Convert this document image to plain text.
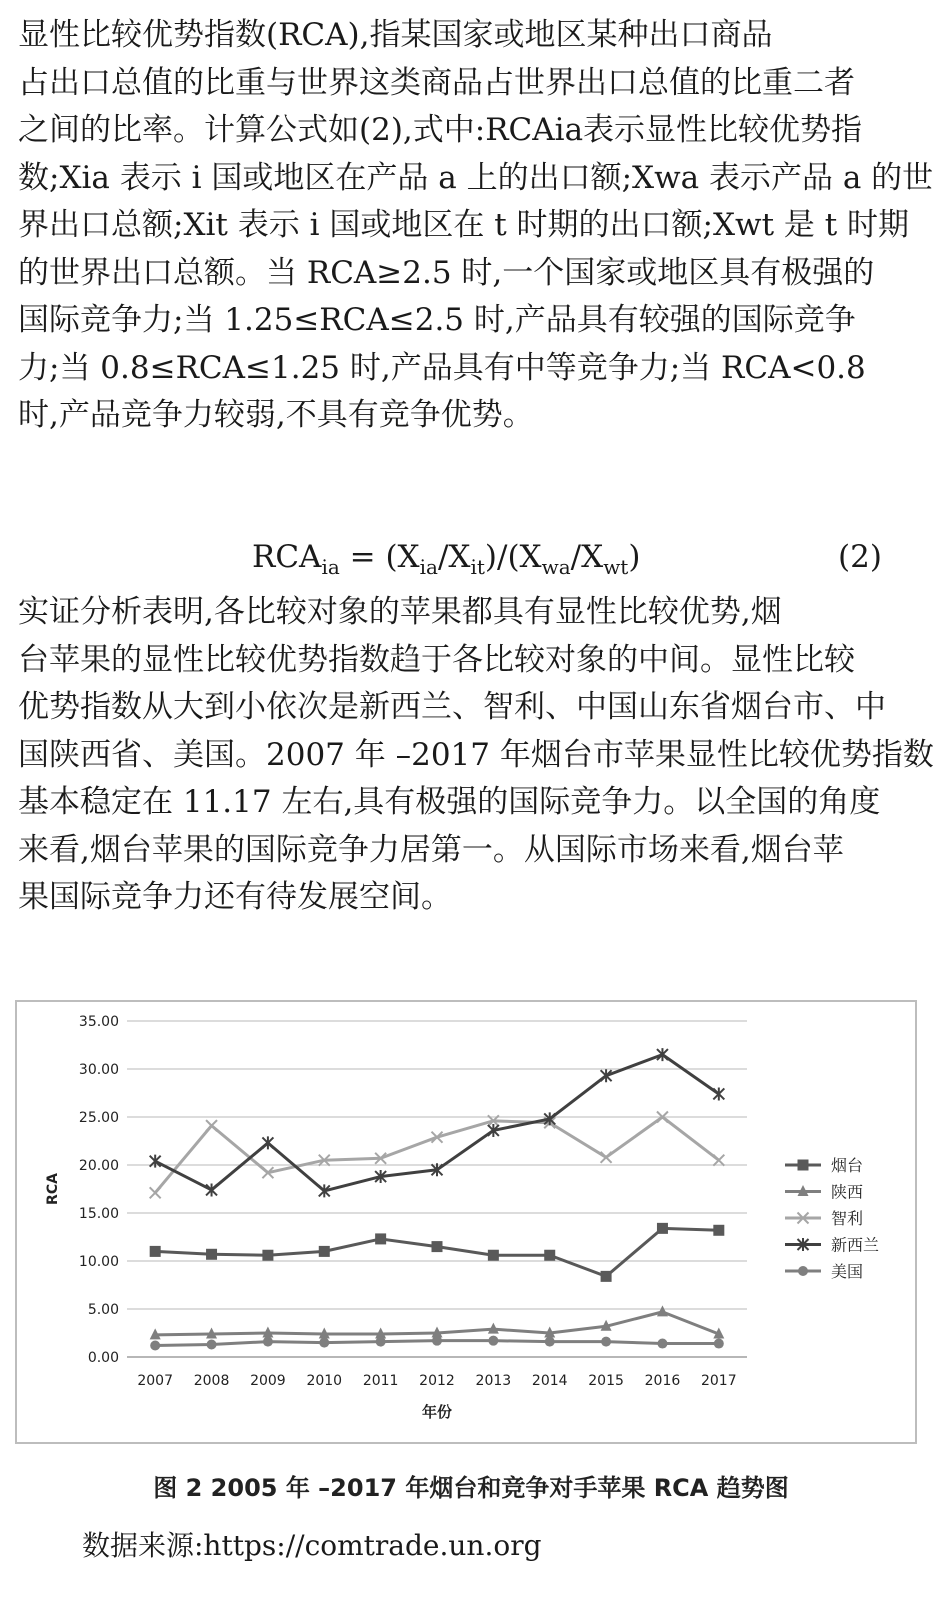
显性比较优势指数(RCA),指某国家或地区某种出口商品
占出口总值的比重与世界这类商品占世界出口总值的比重二者
之间的比率。计算公式如(2),式中:RCAia表示显性比较优势指
数;Xia 表示 i 国或地区在产品 a 上的出口额;Xwa 表示产品 a 的世
界出口总额;Xit 表示 i 国或地区在 t 时期的出口额;Xwt 是 t 时期
的世界出口总额。当 RCA≥2.5 时,一个国家或地区具有极强的
国际竞争力;当 1.25≤RCA≤2.5 时,产品具有较强的国际竞争
力;当 0.8≤RCA≤1.25 时,产品具有中等竞争力;当 RCA<0.8
时,产品竞争力较弱,不具有竞争优势。
$RCA_{ia} = (X_{ia}/X_{it})/(X_{wa}/X_{wt})$	(2)
实证分析表明,各比较对象的苹果都具有显性比较优势,烟
台苹果的显性比较优势指数趋于各比较对象的中间。显性比较
优势指数从大到小依次是新西兰、智利、中国山东省烟台市、中
国陕西省、美国。2007 年 –2017 年烟台市苹果显性比较优势指数
基本稳定在 11.17 左右,具有极强的国际竞争力。以全国的角度
来看,烟台苹果的国际竞争力居第一。从国际市场来看,烟台苹
果国际竞争力还有待发展空间。
0.00
5.00
10.00
15.00
20.00
25.00
30.00
35.00
2007 2008 2009 2010 2011 2012 2013 2014 2015 2016 2017
年份
RCA
烟台
陕西
智利
新西兰
美国
图 2 2005 年 –2017 年烟台和竞争对手苹果 RCA 趋势图
数据来源:https://comtrade.un.org
